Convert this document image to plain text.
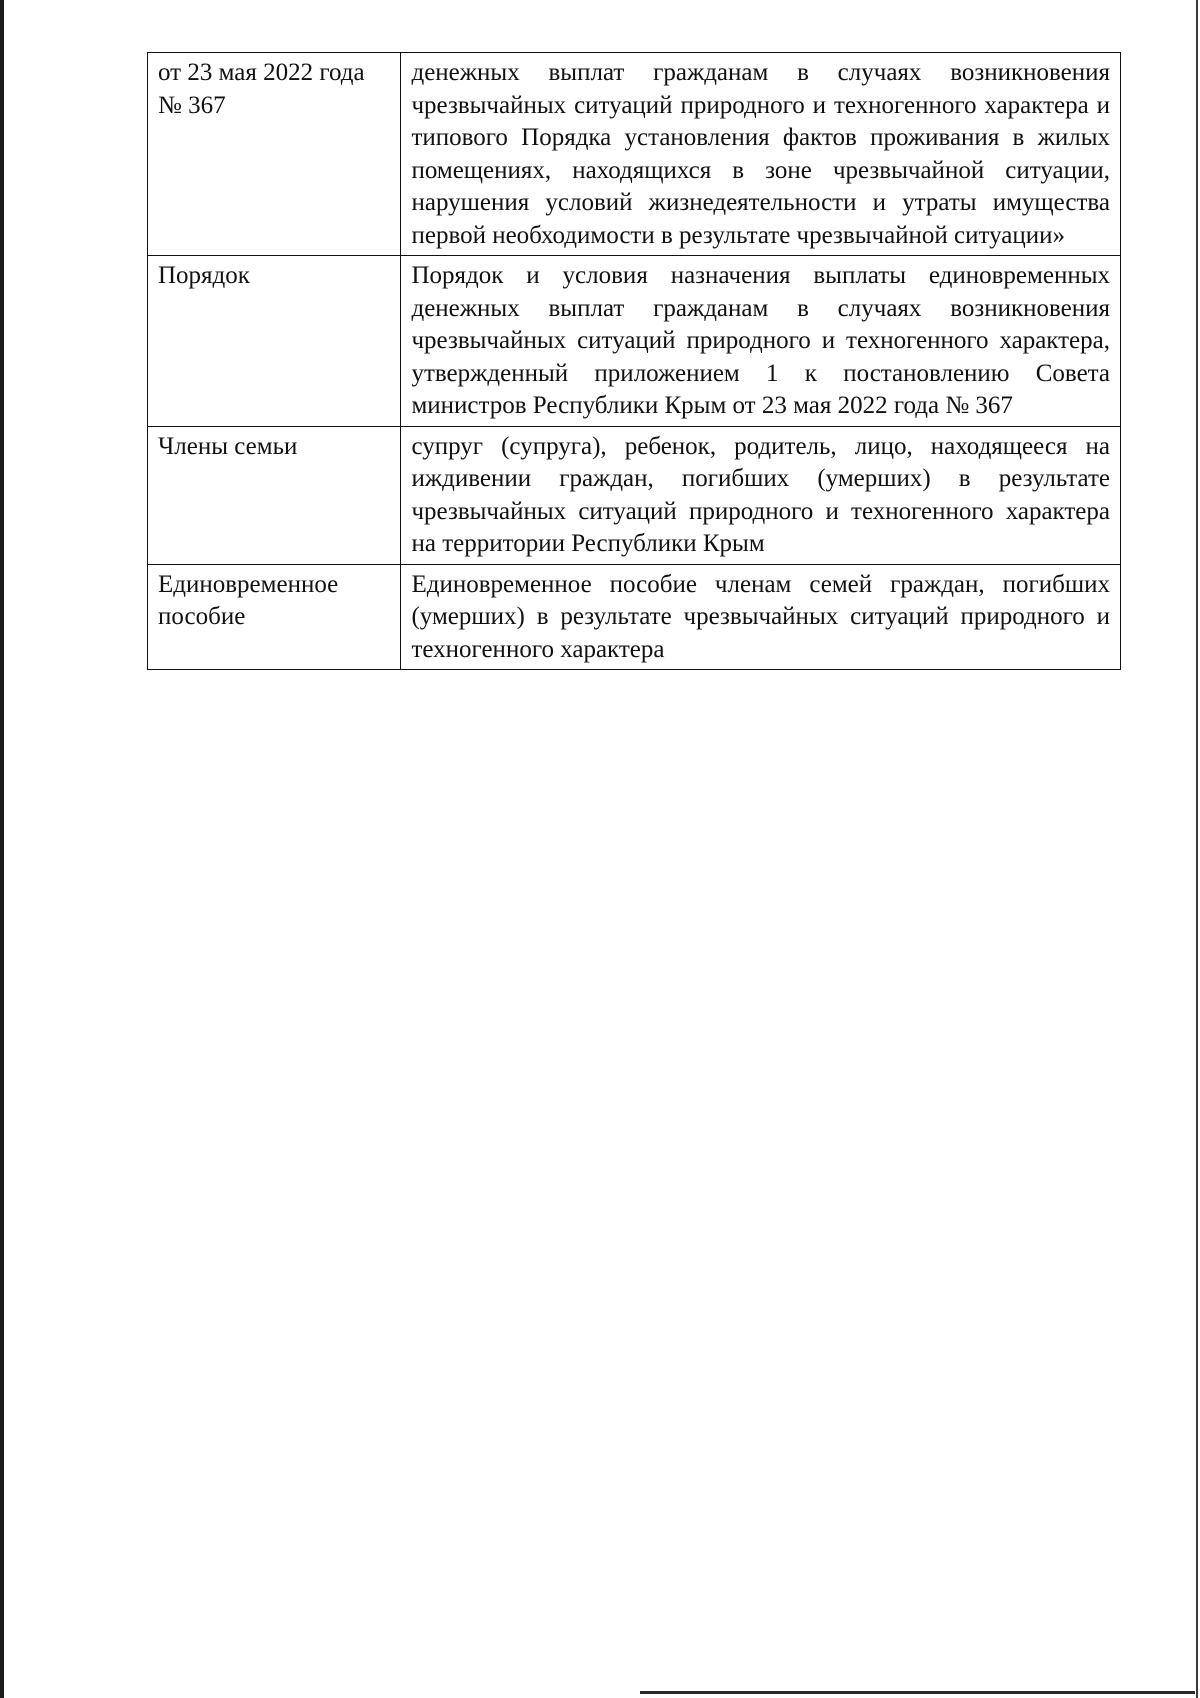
от 23 мая 2022 года № 367	денежных выплат гражданам в случаях возникновения чрезвычайных ситуаций природного и техногенного характера и типового Порядка установления фактов проживания в жилых помещениях, находящихся в зоне чрезвычайной ситуации, нарушения условий жизнедеятельности и утраты имущества первой необходимости в результате чрезвычайной ситуации»
Порядок	Порядок и условия назначения выплаты единовременных денежных выплат гражданам в случаях возникновения чрезвычайных ситуаций природного и техногенного характера, утвержденный приложением 1 к постановлению Совета министров Республики Крым от 23 мая 2022 года № 367
Члены семьи	супруг (супруга), ребенок, родитель, лицо, находящееся на иждивении граждан, погибших (умерших) в результате чрезвычайных ситуаций природного и техногенного характера на территории Республики Крым
Единовременное пособие	Единовременное пособие членам семей граждан, погибших (умерших) в результате чрезвычайных ситуаций природного и техногенного характера
